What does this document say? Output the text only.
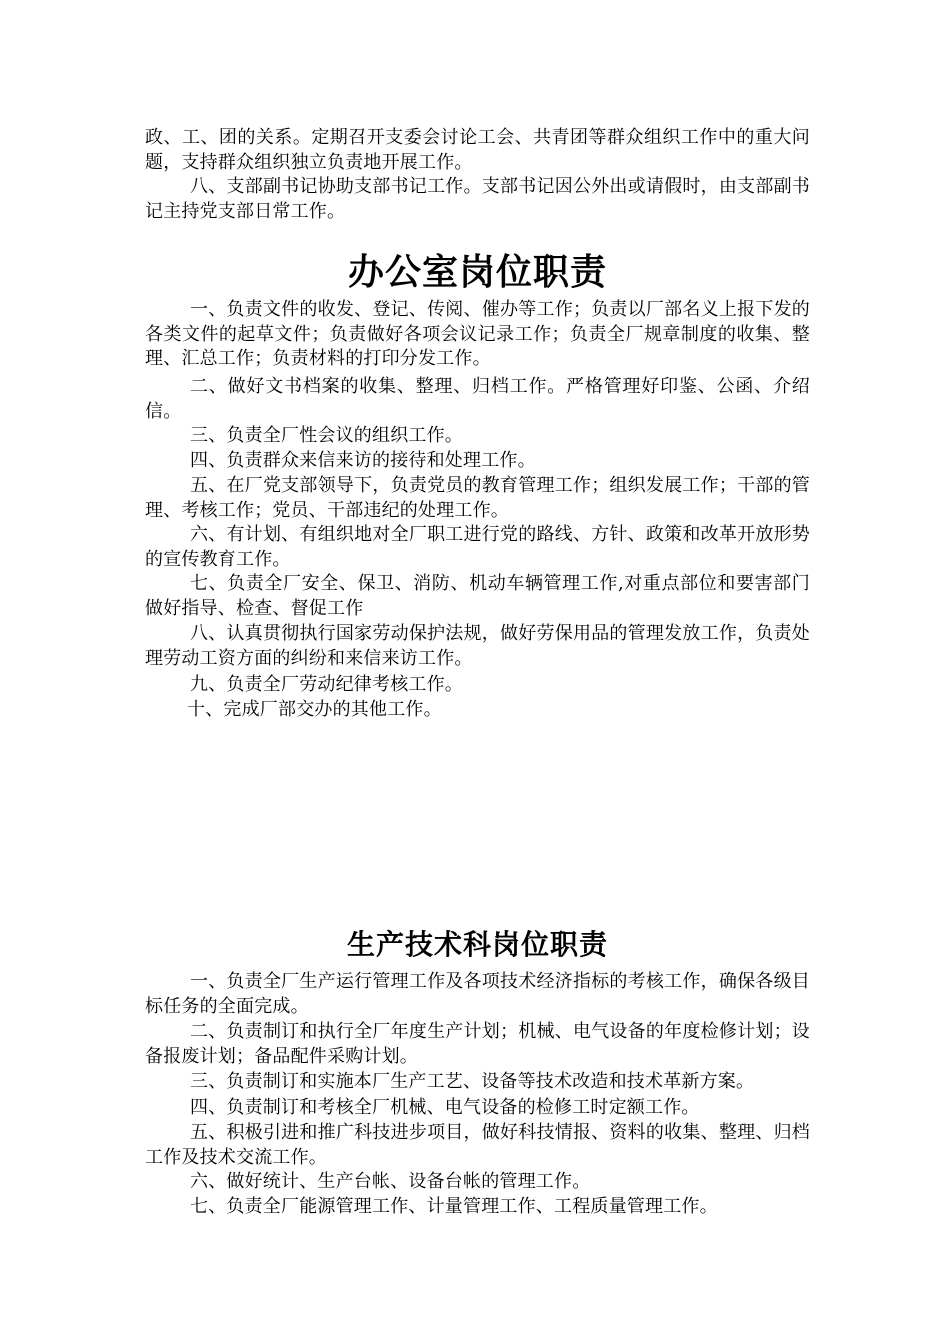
政、工、团的关系。定期召开支委会讨论工会、共青团等群众组织工作中的重大问题，支持群众组织独立负责地开展工作。

八、支部副书记协助支部书记工作。支部书记因公外出或请假时，由支部副书记主持党支部日常工作。

办公室岗位职责

一、负责文件的收发、登记、传阅、催办等工作；负责以厂部名义上报下发的各类文件的起草文件；负责做好各项会议记录工作；负责全厂规章制度的收集、整理、汇总工作；负责材料的打印分发工作。

二、做好文书档案的收集、整理、归档工作。严格管理好印鉴、公函、介绍信。

三、负责全厂性会议的组织工作。

四、负责群众来信来访的接待和处理工作。

五、在厂党支部领导下，负责党员的教育管理工作；组织发展工作；干部的管理、考核工作；党员、干部违纪的处理工作。

六、有计划、有组织地对全厂职工进行党的路线、方针、政策和改革开放形势的宣传教育工作。

七、负责全厂安全、保卫、消防、机动车辆管理工作,对重点部位和要害部门做好指导、检查、督促工作

八、认真贯彻执行国家劳动保护法规，做好劳保用品的管理发放工作，负责处理劳动工资方面的纠纷和来信来访工作。

九、负责全厂劳动纪律考核工作。

十、完成厂部交办的其他工作。

生产技术科岗位职责

一、负责全厂生产运行管理工作及各项技术经济指标的考核工作，确保各级目标任务的全面完成。

二、负责制订和执行全厂年度生产计划；机械、电气设备的年度检修计划；设备报废计划；备品配件采购计划。

三、负责制订和实施本厂生产工艺、设备等技术改造和技术革新方案。

四、负责制订和考核全厂机械、电气设备的检修工时定额工作。

五、积极引进和推广科技进步项目，做好科技情报、资料的收集、整理、归档工作及技术交流工作。

六、做好统计、生产台帐、设备台帐的管理工作。

七、负责全厂能源管理工作、计量管理工作、工程质量管理工作。
